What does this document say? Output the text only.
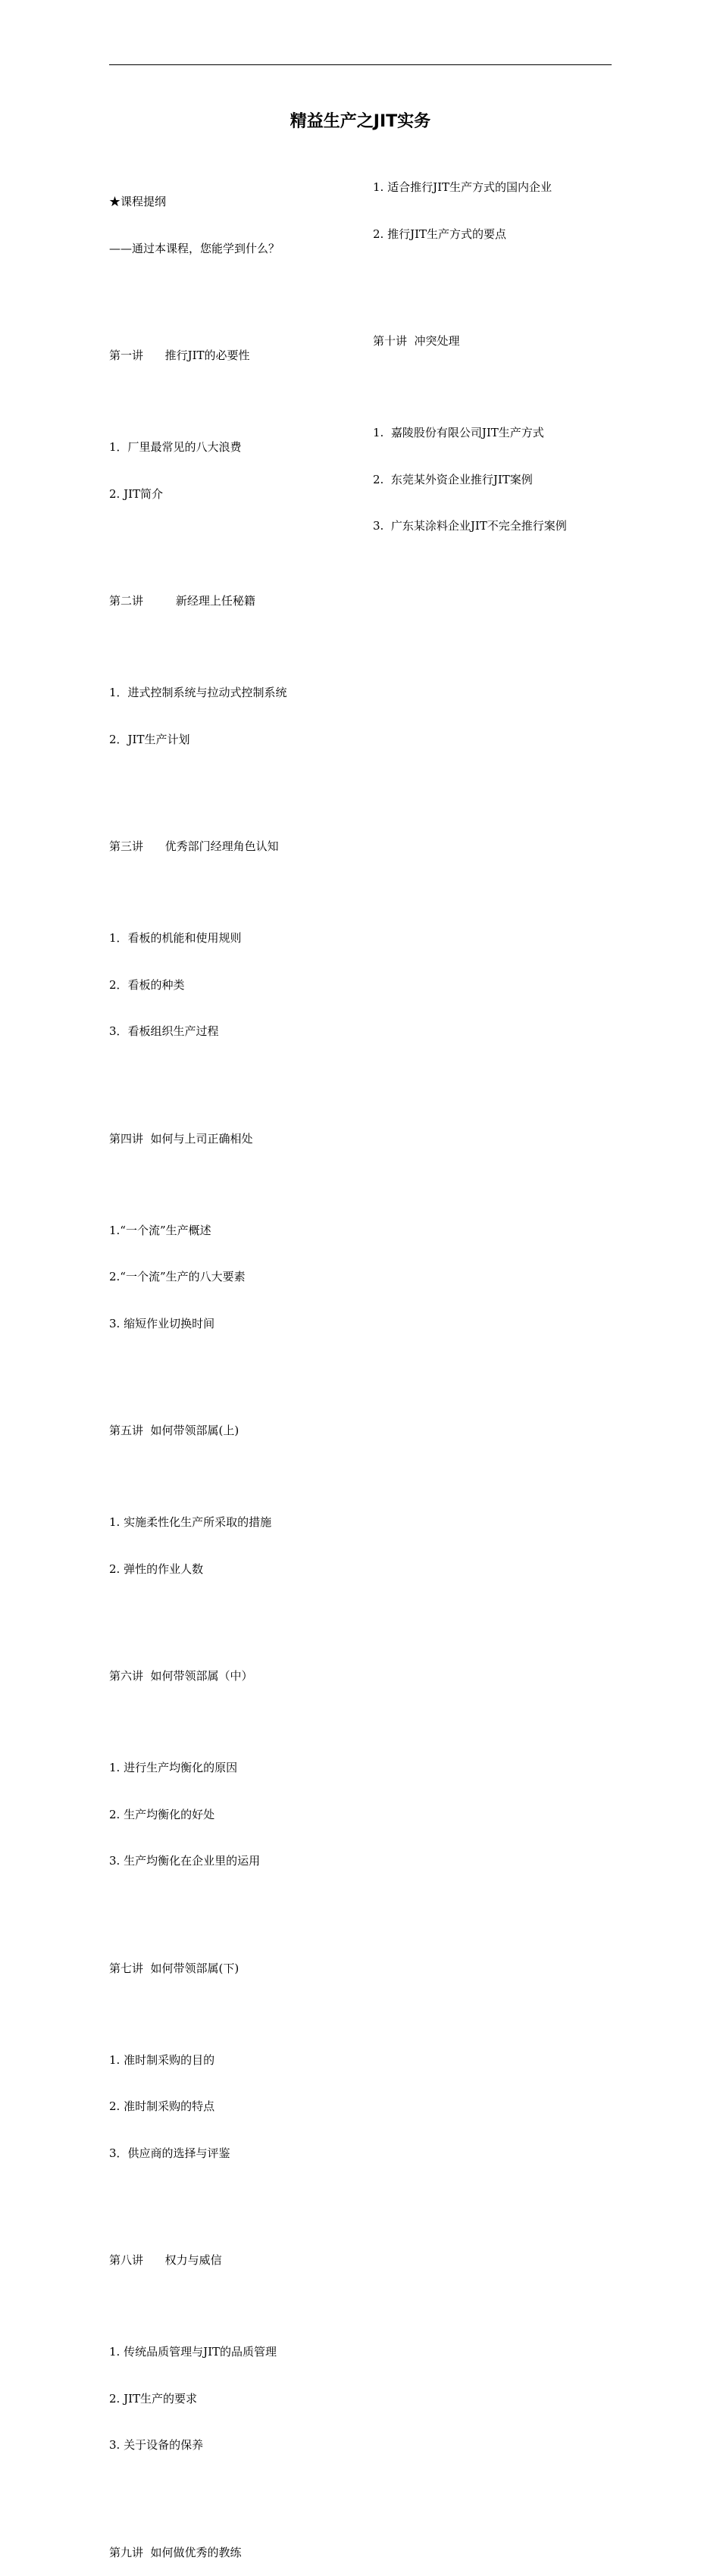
精益生产之JIT实务

★课程提纲

——通过本课程，您能学到什么？

第一讲      推行JIT的必要性

1．厂里最常见的八大浪费

2. JIT简介

第二讲         新经理上任秘籍

1．进式控制系统与拉动式控制系统

2．JIT生产计划

第三讲      优秀部门经理角色认知

1．看板的机能和使用规则

2．看板的种类

3．看板组织生产过程

第四讲  如何与上司正确相处

1.“一个流”生产概述

2.“一个流”生产的八大要素

3. 缩短作业切换时间

第五讲  如何带领部属(上)

1. 实施柔性化生产所采取的措施

2. 弹性的作业人数

第六讲  如何带领部属（中）

1. 进行生产均衡化的原因

2. 生产均衡化的好处

3. 生产均衡化在企业里的运用

第七讲  如何带领部属(下)

1. 准时制采购的目的

2. 准时制采购的特点

3．供应商的选择与评鉴

第八讲      权力与威信

1. 传统品质管理与JIT的品质管理

2. JIT生产的要求

3. 关于设备的保养

第九讲  如何做优秀的教练

1. 适合推行JIT生产方式的国内企业

2. 推行JIT生产方式的要点

第十讲  冲突处理

1.  嘉陵股份有限公司JIT生产方式

2.  东莞某外资企业推行JIT案例

3.  广东某涂料企业JIT不完全推行案例
